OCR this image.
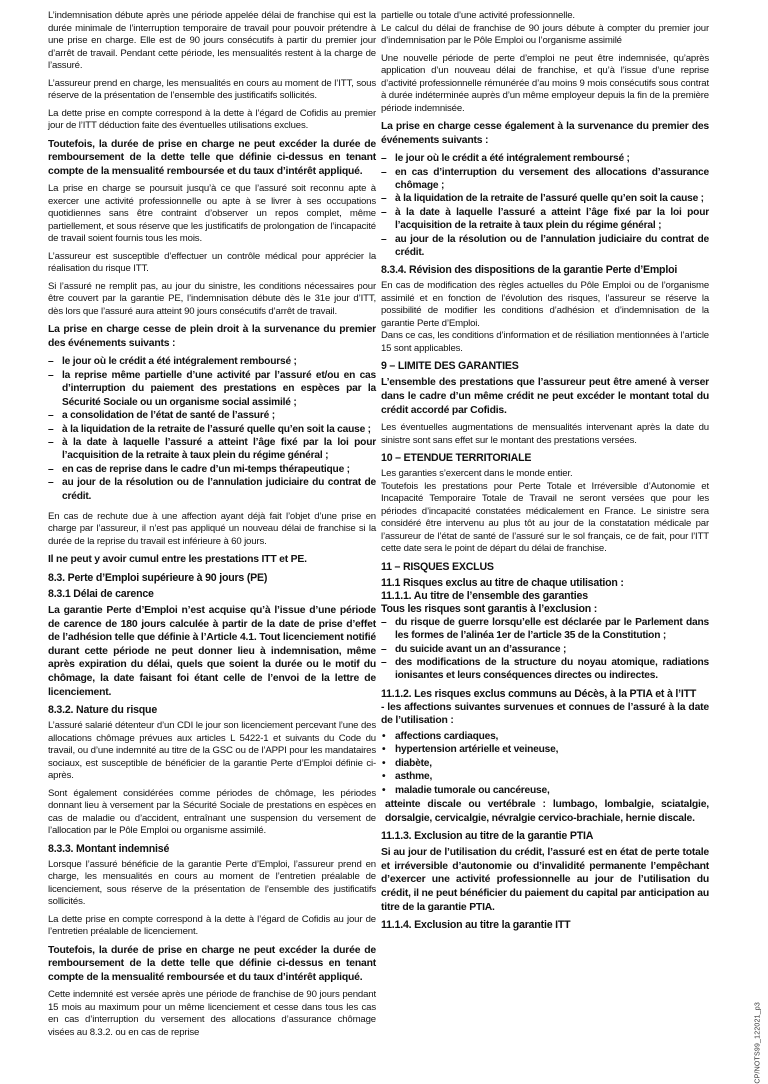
L’indemnisation débute après une période appelée délai de franchise qui est la durée minimale de l’interruption temporaire de travail pour pouvoir prétendre à une prise en charge. Elle est de 90 jours consécutifs à partir du premier jour d’arrêt de travail. Pendant cette période, les mensualités restent à la charge de l’assuré.

L’assureur prend en charge, les mensualités en cours au moment de l’ITT, sous réserve de la présentation de l’ensemble des justificatifs sollicités.

La dette prise en compte correspond à la dette à l’égard de Cofidis au premier jour de l’ITT déduction faite des éventuelles utilisations exclues.

Toutefois, la durée de prise en charge ne peut excéder la durée de remboursement de la dette telle que définie ci-dessus en tenant compte de la mensualité remboursée et du taux d’intérêt appliqué.

La prise en charge se poursuit jusqu’à ce que l’assuré soit reconnu apte à exercer une activité professionnelle ou apte à se livrer à ses occupations quotidiennes sans être contraint d’observer un repos complet, même partiellement, et sous réserve que les justificatifs de prolongation de l’incapacité de travail soient fournis tous les mois.

L’assureur est susceptible d’effectuer un contrôle médical pour apprécier la réalisation du risque ITT.

Si l’assuré ne remplit pas, au jour du sinistre, les conditions nécessaires pour être couvert par la garantie PE, l’indemnisation débute dès le 31e jour d’ITT, dès lors que l’assuré aura atteint 90 jours consécutifs d’arrêt de travail.

La prise en charge cesse de plein droit à la survenance du premier des événements suivants :

– le jour où le crédit a été intégralement remboursé ;
– la reprise même partielle d’une activité par l’assuré et/ou en cas d’interruption du paiement des prestations en espèces par la Sécurité Sociale ou un organisme social assimilé ;
– a consolidation de l’état de santé de l’assuré ;
– à la liquidation de la retraite de l’assuré quelle qu’en soit la cause ;
– à la date à laquelle l’assuré a atteint l’âge fixé par la loi pour l’acquisition de la retraite à taux plein du régime général ;
– en cas de reprise dans le cadre d’un mi-temps thérapeutique ;
– au jour de la résolution ou de l’annulation judiciaire du contrat de crédit.

En cas de rechute due à une affection ayant déjà fait l’objet d’une prise en charge par l’assureur, il n’est pas appliqué un nouveau délai de franchise si la durée de la reprise du travail est inférieure à 60 jours.

Il ne peut y avoir cumul entre les prestations ITT et PE.

8.3. Perte d’Emploi supérieure à 90 jours (PE)
8.3.1 Délai de carence

La garantie Perte d’Emploi n’est acquise qu’à l’issue d’une période de carence de 180 jours calculée à partir de la date de prise d’effet de l’adhésion telle que définie à l’Article 4.1. Tout licenciement notifié durant cette période ne peut donner lieu à indemnisation, même après expiration du délai, quels que soient la durée ou le motif du chômage, la date faisant foi étant celle de l’envoi de la lettre de licenciement.

8.3.2. Nature du risque

L’assuré salarié détenteur d’un CDI le jour son licenciement percevant l’une des allocations chômage prévues aux articles L 5422-1 et suivants du Code du travail, ou d’une indemnité au titre de la GSC ou de l’APPI pour les mandataires sociaux, est susceptible de bénéficier de la garantie Perte d’Emploi définie ci-après.

Sont également considérées comme périodes de chômage, les périodes donnant lieu à versement par la Sécurité Sociale de prestations en espèces en cas de maladie ou d’accident, entraînant une suspension du versement de l’allocation par le Pôle Emploi ou organisme assimilé.

8.3.3. Montant indemnisé

Lorsque l’assuré bénéficie de la garantie Perte d’Emploi, l’assureur prend en charge, les mensualités en cours au moment de l’entretien préalable de licenciement, sous réserve de la présentation de l’ensemble des justificatifs sollicités.

La dette prise en compte correspond à la dette à l’égard de Cofidis au jour de l’entretien préalable de licenciement.

Toutefois, la durée de prise en charge ne peut excéder la durée de remboursement de la dette telle que définie ci-dessus en tenant compte de la mensualité remboursée et du taux d’intérêt appliqué.

Cette indemnité est versée après une période de franchise de 90 jours pendant 15 mois au maximum pour un même licenciement et cesse dans tous les cas en cas d’interruption du versement des allocations d’assurance chômage visées au 8.3.2. ou en cas de reprise

partielle ou totale d’une activité professionnelle.

Le calcul du délai de franchise de 90 jours débute à compter du premier jour d’indemnisation par le Pôle Emploi ou l’organisme assimilé

Une nouvelle période de perte d’emploi ne peut être indemnisée, qu’après application d’un nouveau délai de franchise, et qu’à l’issue d’une reprise d’activité professionnelle rémunérée d’au moins 9 mois consécutifs sous contrat à durée indéterminée auprès d’un même employeur depuis la fin de la première période indemnisée.

La prise en charge cesse également à la survenance du premier des événements suivants :

– le jour où le crédit a été intégralement remboursé ;
– en cas d’interruption du versement des allocations d’assurance chômage ;
– à la liquidation de la retraite de l’assuré quelle qu’en soit la cause ;
– à la date à laquelle l’assuré a atteint l’âge fixé par la loi pour l’acquisition de la retraite à taux plein du régime général ;
– au jour de la résolution ou de l’annulation judiciaire du contrat de crédit.
8.3.4. Révision des dispositions de la garantie Perte d’Emploi

En cas de modification des règles actuelles du Pôle Emploi ou de l’organisme assimilé et en fonction de l’évolution des risques, l’assureur se réserve la possibilité de modifier les conditions d’adhésion et d’indemnisation de la garantie Perte d’Emploi.

Dans ce cas, les conditions d’information et de résiliation mentionnées à l’article 15 sont applicables.

9 – LIMITE DES GARANTIES

L’ensemble des prestations que l’assureur peut être amené à verser dans le cadre d’un même crédit ne peut excéder le montant total du crédit accordé par Cofidis.

Les éventuelles augmentations de mensualités intervenant après la date du sinistre sont sans effet sur le montant des prestations versées.

10 – ETENDUE TERRITORIALE

Les garanties s’exercent dans le monde entier.

Toutefois les prestations pour Perte Totale et Irréversible d’Autonomie et Incapacité Temporaire Totale de Travail ne seront versées que pour les périodes d’incapacité constatées médicalement en France. Le sinistre sera considéré être intervenu au plus tôt au jour de la constatation médicale par l’assureur de l’état de santé de l’assuré sur le sol français, ce de fait, pour l’ITT cette date sera le point de départ du délai de franchise.

11 – RISQUES EXCLUS
11.1 Risques exclus au titre de chaque utilisation :
11.1.1. Au titre de l’ensemble des garanties
Tous les risques sont garantis à l’exclusion :
– du risque de guerre lorsqu’elle est déclarée par le Parlement dans les formes de l’alinéa 1er de l’article 35 de la Constitution ;
– du suicide avant un an d’assurance ;
– des modifications de la structure du noyau atomique, radiations ionisantes et leurs conséquences directes ou indirectes.
11.1.2. Les risques exclus communs au Décès, à la PTIA et à l’ITT

- les affections suivantes survenues et connues de l’assuré à la date de l’utilisation :

• affections cardiaques,
• hypertension artérielle et veineuse,
• diabète,
• asthme,
• maladie tumorale ou cancéreuse,

atteinte discale ou vertébrale : lumbago, lombalgie, sciatalgie, dorsalgie, cervicalgie, névralgie cervico-brachiale, hernie discale.

11.1.3. Exclusion au titre de la garantie PTIA

Si au jour de l’utilisation du crédit, l’assuré est en état de perte totale et irréversible d’autonomie ou d’invalidité permanente l’empêchant d’exercer une activité professionnelle au jour de l’utilisation du crédit, il ne peut bénéficier du paiement du capital par anticipation au titre de la garantie PTIA.

11.1.4. Exclusion au titre la garantie ITT
CP/NOTS99_122021_p3
